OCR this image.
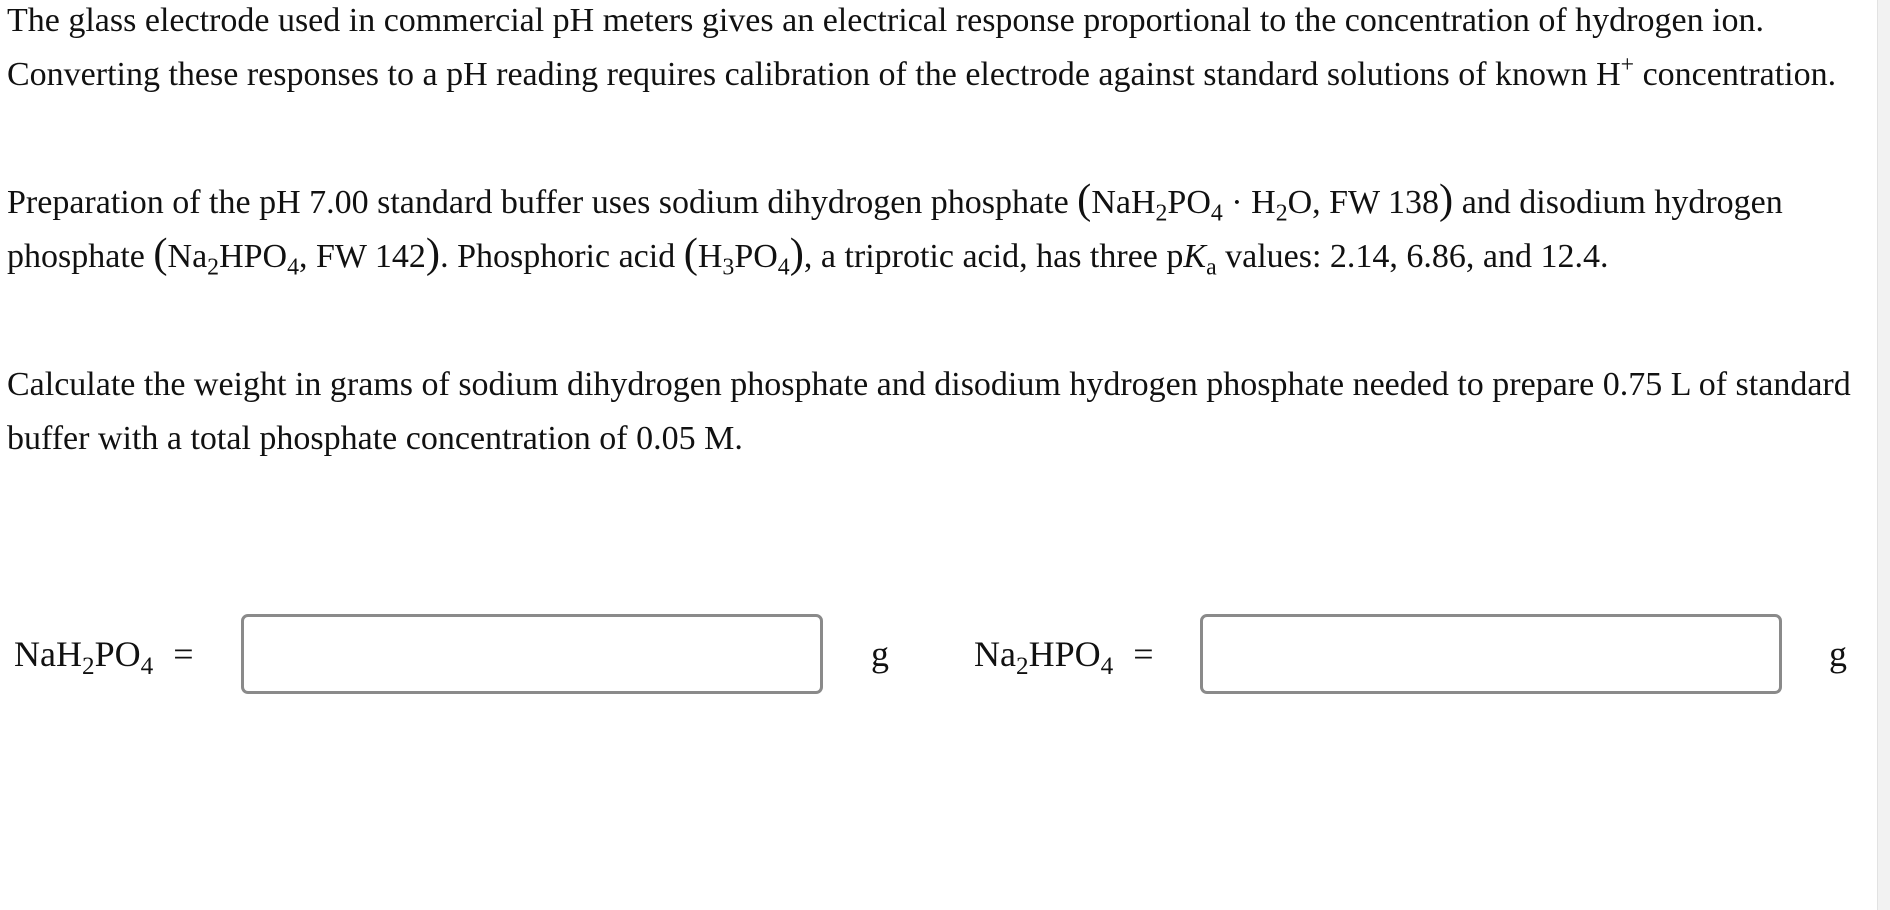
The glass electrode used in commercial pH meters gives an electrical response proportional to the concentration of hydrogen ion. Converting these responses to a pH reading requires calibration of the electrode against standard solutions of known H+ concentration.

Preparation of the pH 7.00 standard buffer uses sodium dihydrogen phosphate ($NaH_2PO_4 \cdot H_2O$, FW 138) and disodium hydrogen phosphate ($Na_2HPO_4$, FW 142). Phosphoric acid $(H_3PO_4)$, a triprotic acid, has three $pK_a$ values: 2.14, 6.86, and 12.4.

Calculate the weight in grams of sodium dihydrogen phosphate and disodium hydrogen phosphate needed to prepare 0.75 L of standard buffer with a total phosphate concentration of 0.05 M.

$NaH_2PO_4$ =	g $Na_2HPO_4$ =	g
